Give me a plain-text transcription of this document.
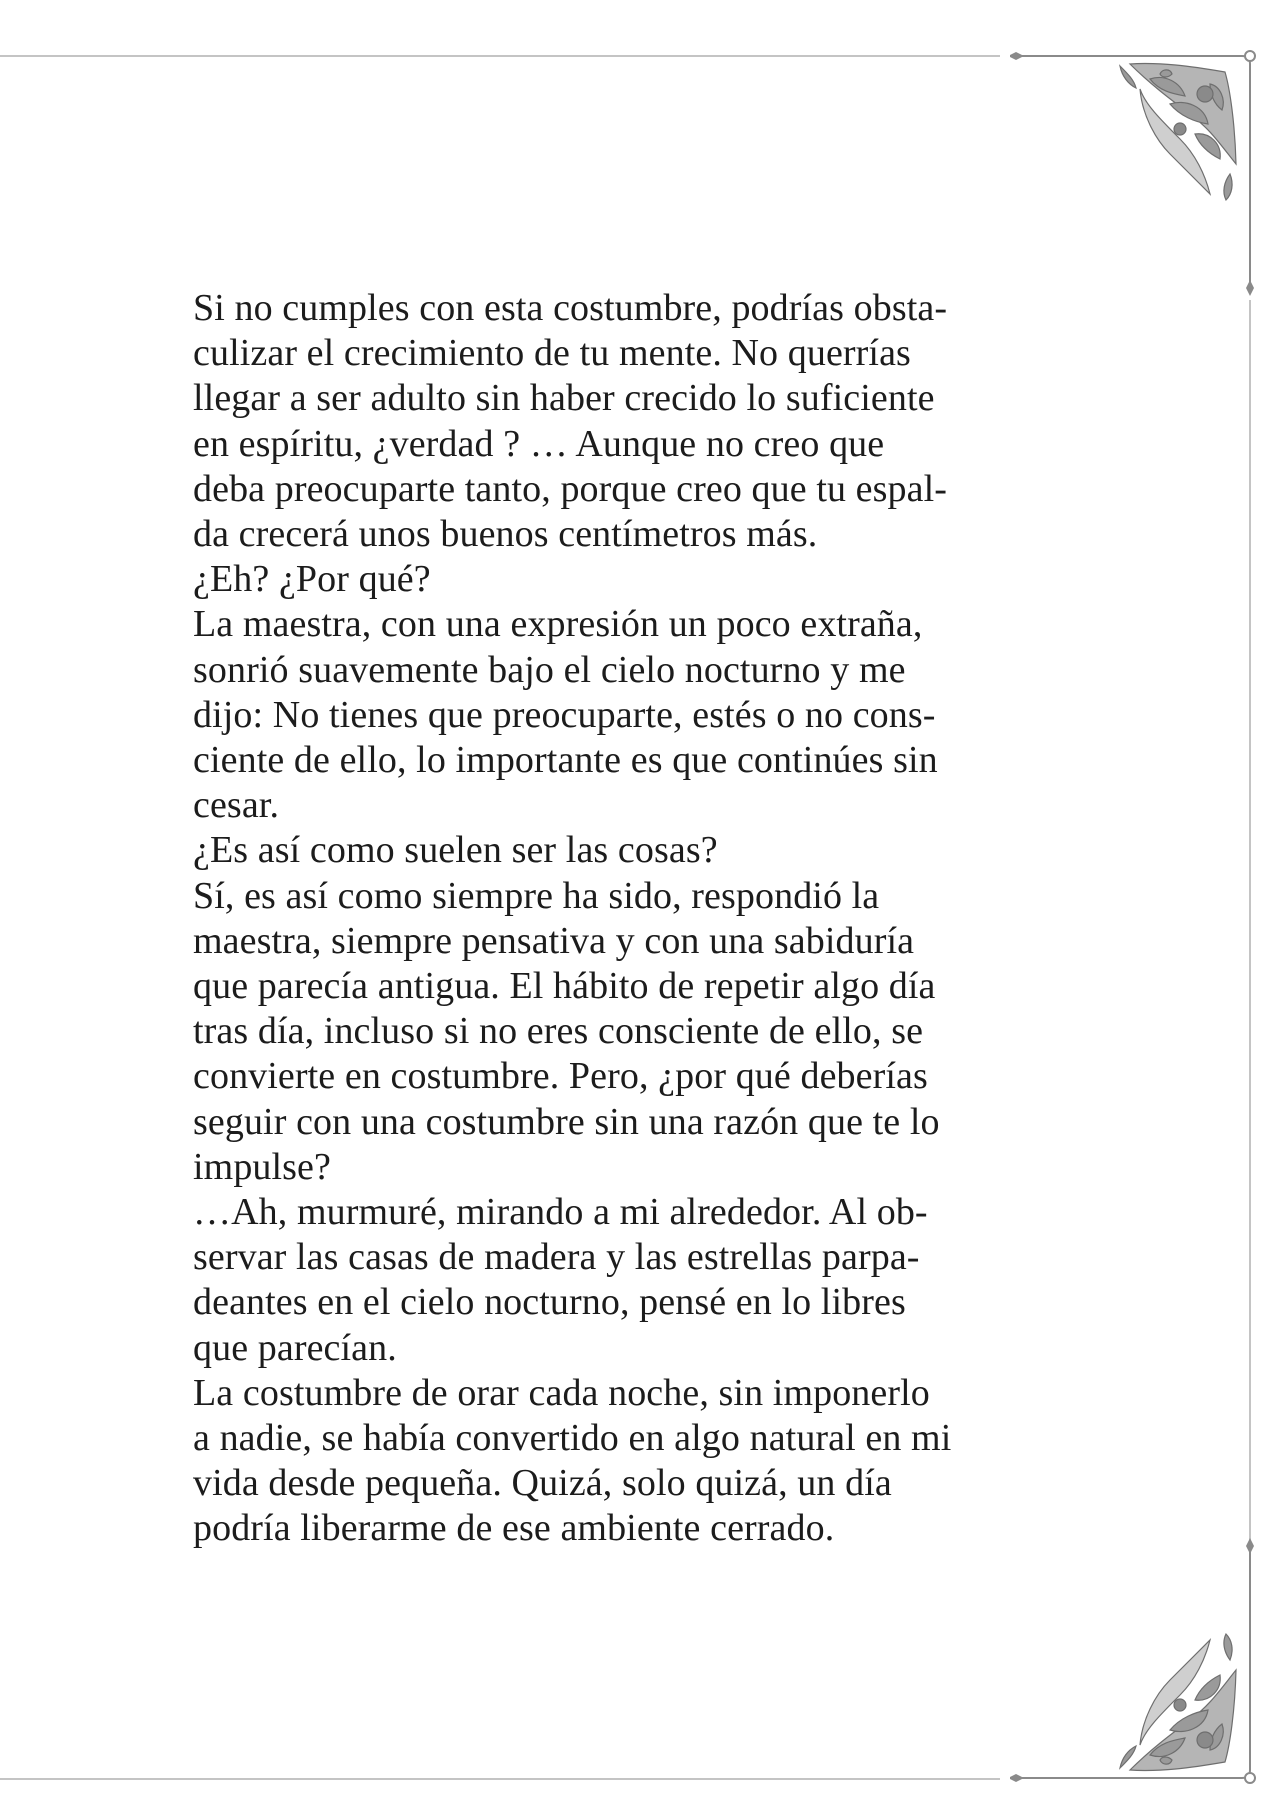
Si no cumples con esta costumbre, podrías obsta-

culizar el crecimiento de tu mente. No querrías

llegar a ser adulto sin haber crecido lo suficiente

en espíritu, ¿verdad ? … Aunque no creo que

deba preocuparte tanto, porque creo que tu espal-

da crecerá unos buenos centímetros más.

¿Eh? ¿Por qué?

La maestra, con una expresión un poco extraña,

sonrió suavemente bajo el cielo nocturno y me

dijo: No tienes que preocuparte, estés o no cons-

ciente de ello, lo importante es que continúes sin

cesar.

¿Es así como suelen ser las cosas?

Sí, es así como siempre ha sido, respondió la

maestra, siempre pensativa y con una sabiduría

que parecía antigua. El hábito de repetir algo día

tras día, incluso si no eres consciente de ello, se

convierte en costumbre. Pero, ¿por qué deberías

seguir con una costumbre sin una razón que te lo

impulse?

…Ah, murmuré, mirando a mi alrededor. Al ob-

servar las casas de madera y las estrellas parpa-

deantes en el cielo nocturno, pensé en lo libres

que parecían.

La costumbre de orar cada noche, sin imponerlo

a nadie, se había convertido en algo natural en mi

vida desde pequeña. Quizá, solo quizá, un día

podría liberarme de ese ambiente cerrado.
